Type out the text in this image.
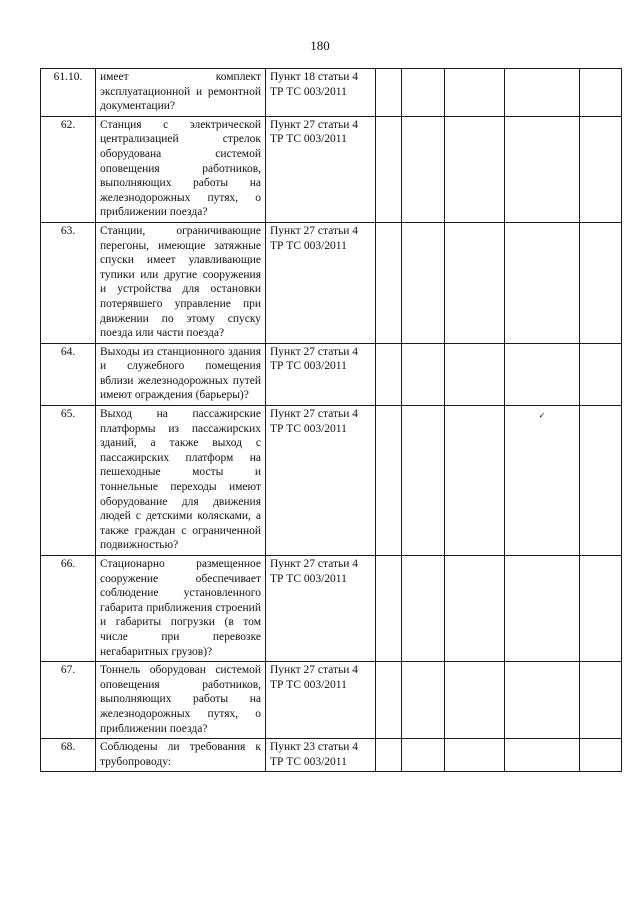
180
61.10.	имеет комплект эксплуатационной и ремонтной документации?	Пункт 18 статьи 4 ТР ТС 003/2011					
62.	Станция с электрической централизацией стрелок оборудована системой оповещения работников, выполняющих работы на железнодорожных путях, о приближении поезда?	Пункт 27 статьи 4 ТР ТС 003/2011					
63.	Станции, ограничивающие перегоны, имеющие затяжные спуски имеет улавливающие тупики или другие сооружения и устройства для остановки потерявшего управление при движении по этому спуску поезда или части поезда?	Пункт 27 статьи 4 ТР ТС 003/2011					
64.	Выходы из станционного здания и служебного помещения вблизи железнодорожных путей имеют ограждения (барьеры)?	Пункт 27 статьи 4 ТР ТС 003/2011					
65.	Выход на пассажирские платформы из пассажирских зданий, а также выход с пассажирских платформ на пешеходные мосты и тоннельные переходы имеют оборудование для движения людей с детскими колясками, а также граждан с ограниченной подвижностью?	Пункт 27 статьи 4 ТР ТС 003/2011				✓	

66.	Стационарно размещенное сооружение обеспечивает соблюдение установленного габарита приближения строений и габариты погрузки (в том числе при перевозке негабаритных грузов)?	Пункт 27 статьи 4 ТР ТС 003/2011					
67.	Тоннель оборудован системой оповещения работников, выполняющих работы на железнодорожных путях, о приближении поезда?	Пункт 27 статьи 4 ТР ТС 003/2011					
68.	Соблюдены ли требования к трубопроводу:	Пункт 23 статьи 4 ТР ТС 003/2011					
